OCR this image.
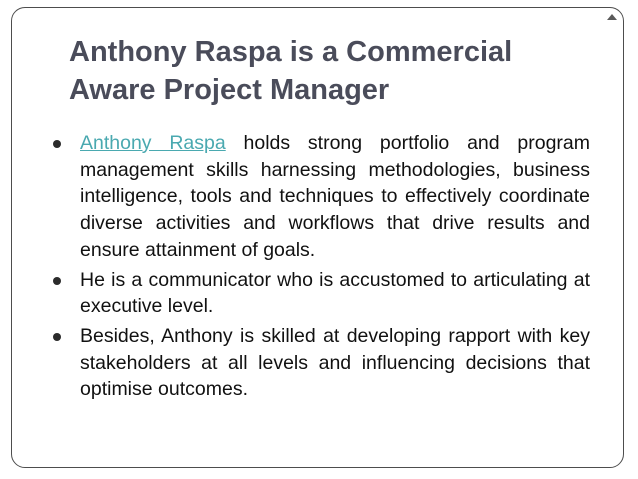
Anthony Raspa is a Commercial
Aware Project Manager
Anthony Raspa holds strong portfolio and program management skills harnessing methodologies, business intelligence, tools and techniques to effectively coordinate diverse activities and workflows that drive results and ensure attainment of goals.
He is a communicator who is accustomed to articulating at executive level.
Besides, Anthony is skilled at developing rapport with key stakeholders at all levels and influencing decisions that optimise outcomes.
